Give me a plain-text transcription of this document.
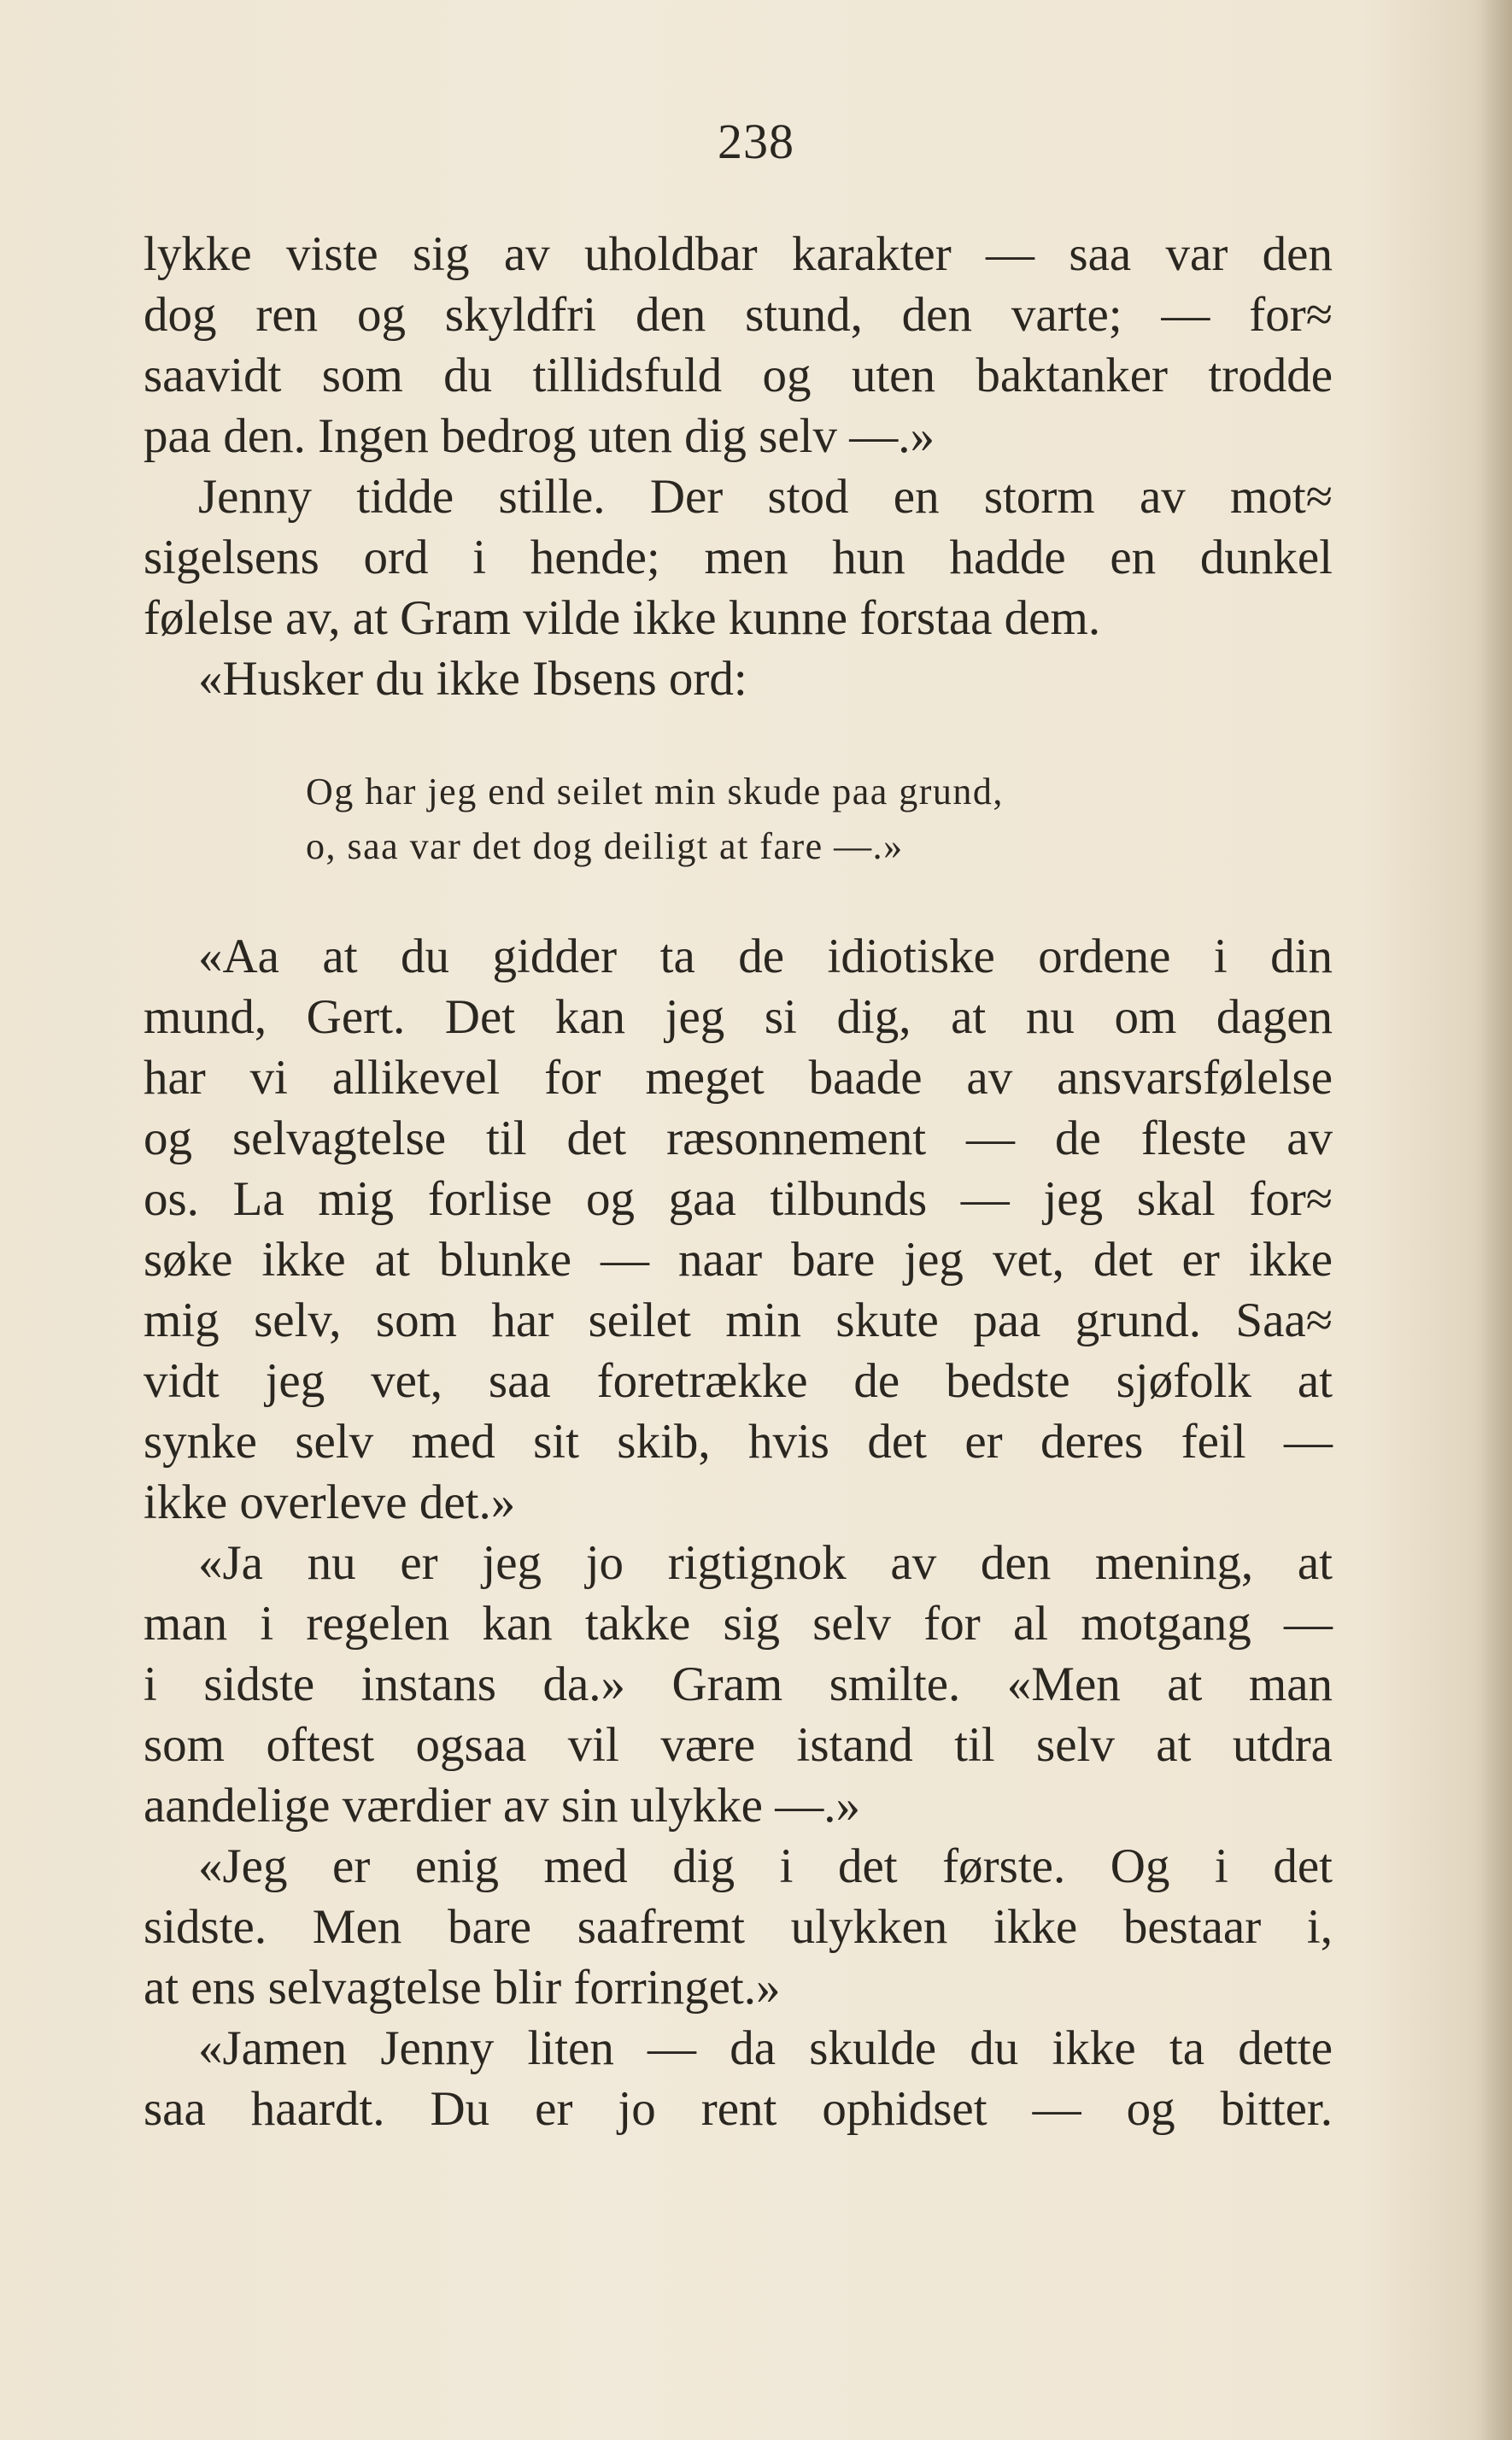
238
lykke viste sig av uholdbar karakter — saa var den
dog ren og skyldfri den stund, den varte; — for≈
saavidt som du tillidsfuld og uten baktanker trodde
paa den. Ingen bedrog uten dig selv —.»
Jenny tidde stille. Der stod en storm av mot≈
sigelsens ord i hende; men hun hadde en dunkel
følelse av, at Gram vilde ikke kunne forstaa dem.
«Husker du ikke Ibsens ord:
Og har jeg end seilet min skude paa grund,
o, saa var det dog deiligt at fare —.»
«Aa at du gidder ta de idiotiske ordene i din
mund, Gert. Det kan jeg si dig, at nu om dagen
har vi allikevel for meget baade av ansvarsfølelse
og selvagtelse til det ræsonnement — de fleste av
os. La mig forlise og gaa tilbunds — jeg skal for≈
søke ikke at blunke — naar bare jeg vet, det er ikke
mig selv, som har seilet min skute paa grund. Saa≈
vidt jeg vet, saa foretrække de bedste sjøfolk at
synke selv med sit skib, hvis det er deres feil —
ikke overleve det.»
«Ja nu er jeg jo rigtignok av den mening, at
man i regelen kan takke sig selv for al motgang —
i sidste instans da.» Gram smilte. «Men at man
som oftest ogsaa vil være istand til selv at utdra
aandelige værdier av sin ulykke —.»
«Jeg er enig med dig i det første. Og i det
sidste. Men bare saafremt ulykken ikke bestaar i,
at ens selvagtelse blir forringet.»
«Jamen Jenny liten — da skulde du ikke ta dette
saa haardt. Du er jo rent ophidset — og bitter.
